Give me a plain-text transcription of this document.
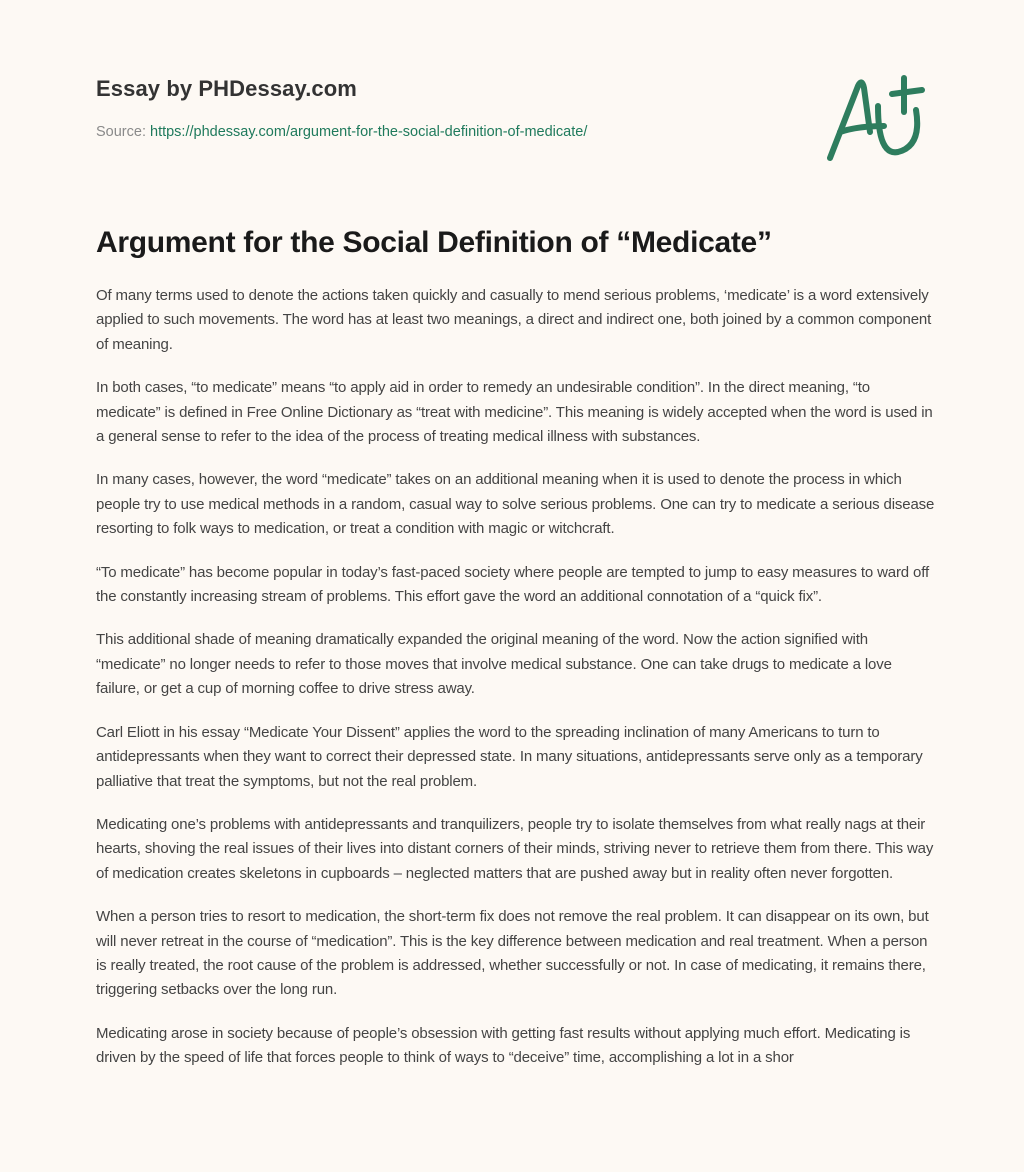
Essay by PHDessay.com

Source: https://phdessay.com/argument-for-the-social-definition-of-medicate/

Argument for the Social Definition of “Medicate”

Of many terms used to denote the actions taken quickly and casually to mend serious problems, ‘medicate’ is a word extensively applied to such movements. The word has at least two meanings, a direct and indirect one, both joined by a common component of meaning.

In both cases, “to medicate” means “to apply aid in order to remedy an undesirable condition”. In the direct meaning, “to medicate” is defined in Free Online Dictionary as “treat with medicine”. This meaning is widely accepted when the word is used in a general sense to refer to the idea of the process of treating medical illness with substances.

In many cases, however, the word “medicate” takes on an additional meaning when it is used to denote the process in which people try to use medical methods in a random, casual way to solve serious problems. One can try to medicate a serious disease resorting to folk ways to medication, or treat a condition with magic or witchcraft.

“To medicate” has become popular in today’s fast-paced society where people are tempted to jump to easy measures to ward off the constantly increasing stream of problems. This effort gave the word an additional connotation of a “quick fix”.

This additional shade of meaning dramatically expanded the original meaning of the word. Now the action signified with “medicate” no longer needs to refer to those moves that involve medical substance. One can take drugs to medicate a love failure, or get a cup of morning coffee to drive stress away.

Carl Eliott in his essay “Medicate Your Dissent” applies the word to the spreading inclination of many Americans to turn to antidepressants when they want to correct their depressed state. In many situations, antidepressants serve only as a temporary palliative that treat the symptoms, but not the real problem.

Medicating one’s problems with antidepressants and tranquilizers, people try to isolate themselves from what really nags at their hearts, shoving the real issues of their lives into distant corners of their minds, striving never to retrieve them from there. This way of medication creates skeletons in cupboards – neglected matters that are pushed away but in reality often never forgotten.

When a person tries to resort to medication, the short-term fix does not remove the real problem. It can disappear on its own, but will never retreat in the course of “medication”. This is the key difference between medication and real treatment. When a person is really treated, the root cause of the problem is addressed, whether successfully or not. In case of medicating, it remains there, triggering setbacks over the long run.

Medicating arose in society because of people’s obsession with getting fast results without applying much effort. Medicating is driven by the speed of life that forces people to think of ways to “deceive” time, accomplishing a lot in a shor
